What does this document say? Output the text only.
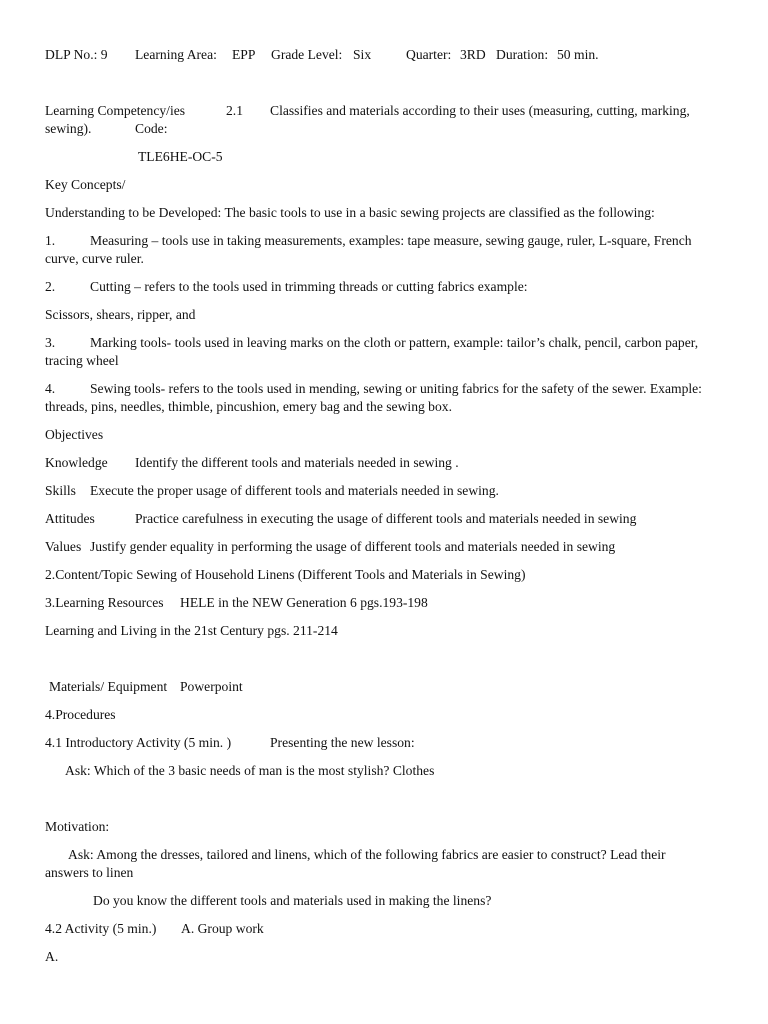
DLP No.: 9 Learning Area: EPP Grade Level: Six	Quarter: 3RD Duration: 50 min.
Learning Competency/ies	2.1 Classifies and materials according to their uses (measuring, cutting, marking,
sewing).	Code:
TLE6HE-OC-5
Key Concepts/
Understanding to be Developed: The basic tools to use in a basic sewing projects are classified as the following:
1.	Measuring – tools use in taking measurements, examples: tape measure, sewing gauge, ruler, L-square, French
curve, curve ruler.
2.	Cutting – refers to the tools used in trimming threads or cutting fabrics example:
Scissors, shears, ripper, and
3.	Marking tools- tools used in leaving marks on the cloth or pattern, example: tailor’s chalk, pencil, carbon paper,
tracing wheel
4.	Sewing tools- refers to the tools used in mending, sewing or uniting fabrics for the safety of the sewer. Example:
threads, pins, needles, thimble, pincushion, emery bag and the sewing box.
Objectives
Knowledge Identify the different tools and materials needed in sewing .
Skills Execute the proper usage of different tools and materials needed in sewing.
Attitudes	Practice carefulness in executing the usage of different tools and materials needed in sewing
Values Justify gender equality in performing the usage of different tools and materials needed in sewing
2.Content/Topic Sewing of Household Linens (Different Tools and Materials in Sewing)
3.Learning Resources HELE in the NEW Generation 6 pgs.193-198
Learning and Living in the 21st Century pgs. 211-214
Materials/ Equipment Powerpoint
4.Procedures
4.1 Introductory Activity (5 min. )	Presenting the new lesson:
Ask: Which of the 3 basic needs of man is the most stylish? Clothes
Motivation:
Ask: Among the dresses, tailored and linens, which of the following fabrics are easier to construct? Lead their
answers to linen
Do you know the different tools and materials used in making the linens?
4.2 Activity (5 min.) A. Group work
A.
